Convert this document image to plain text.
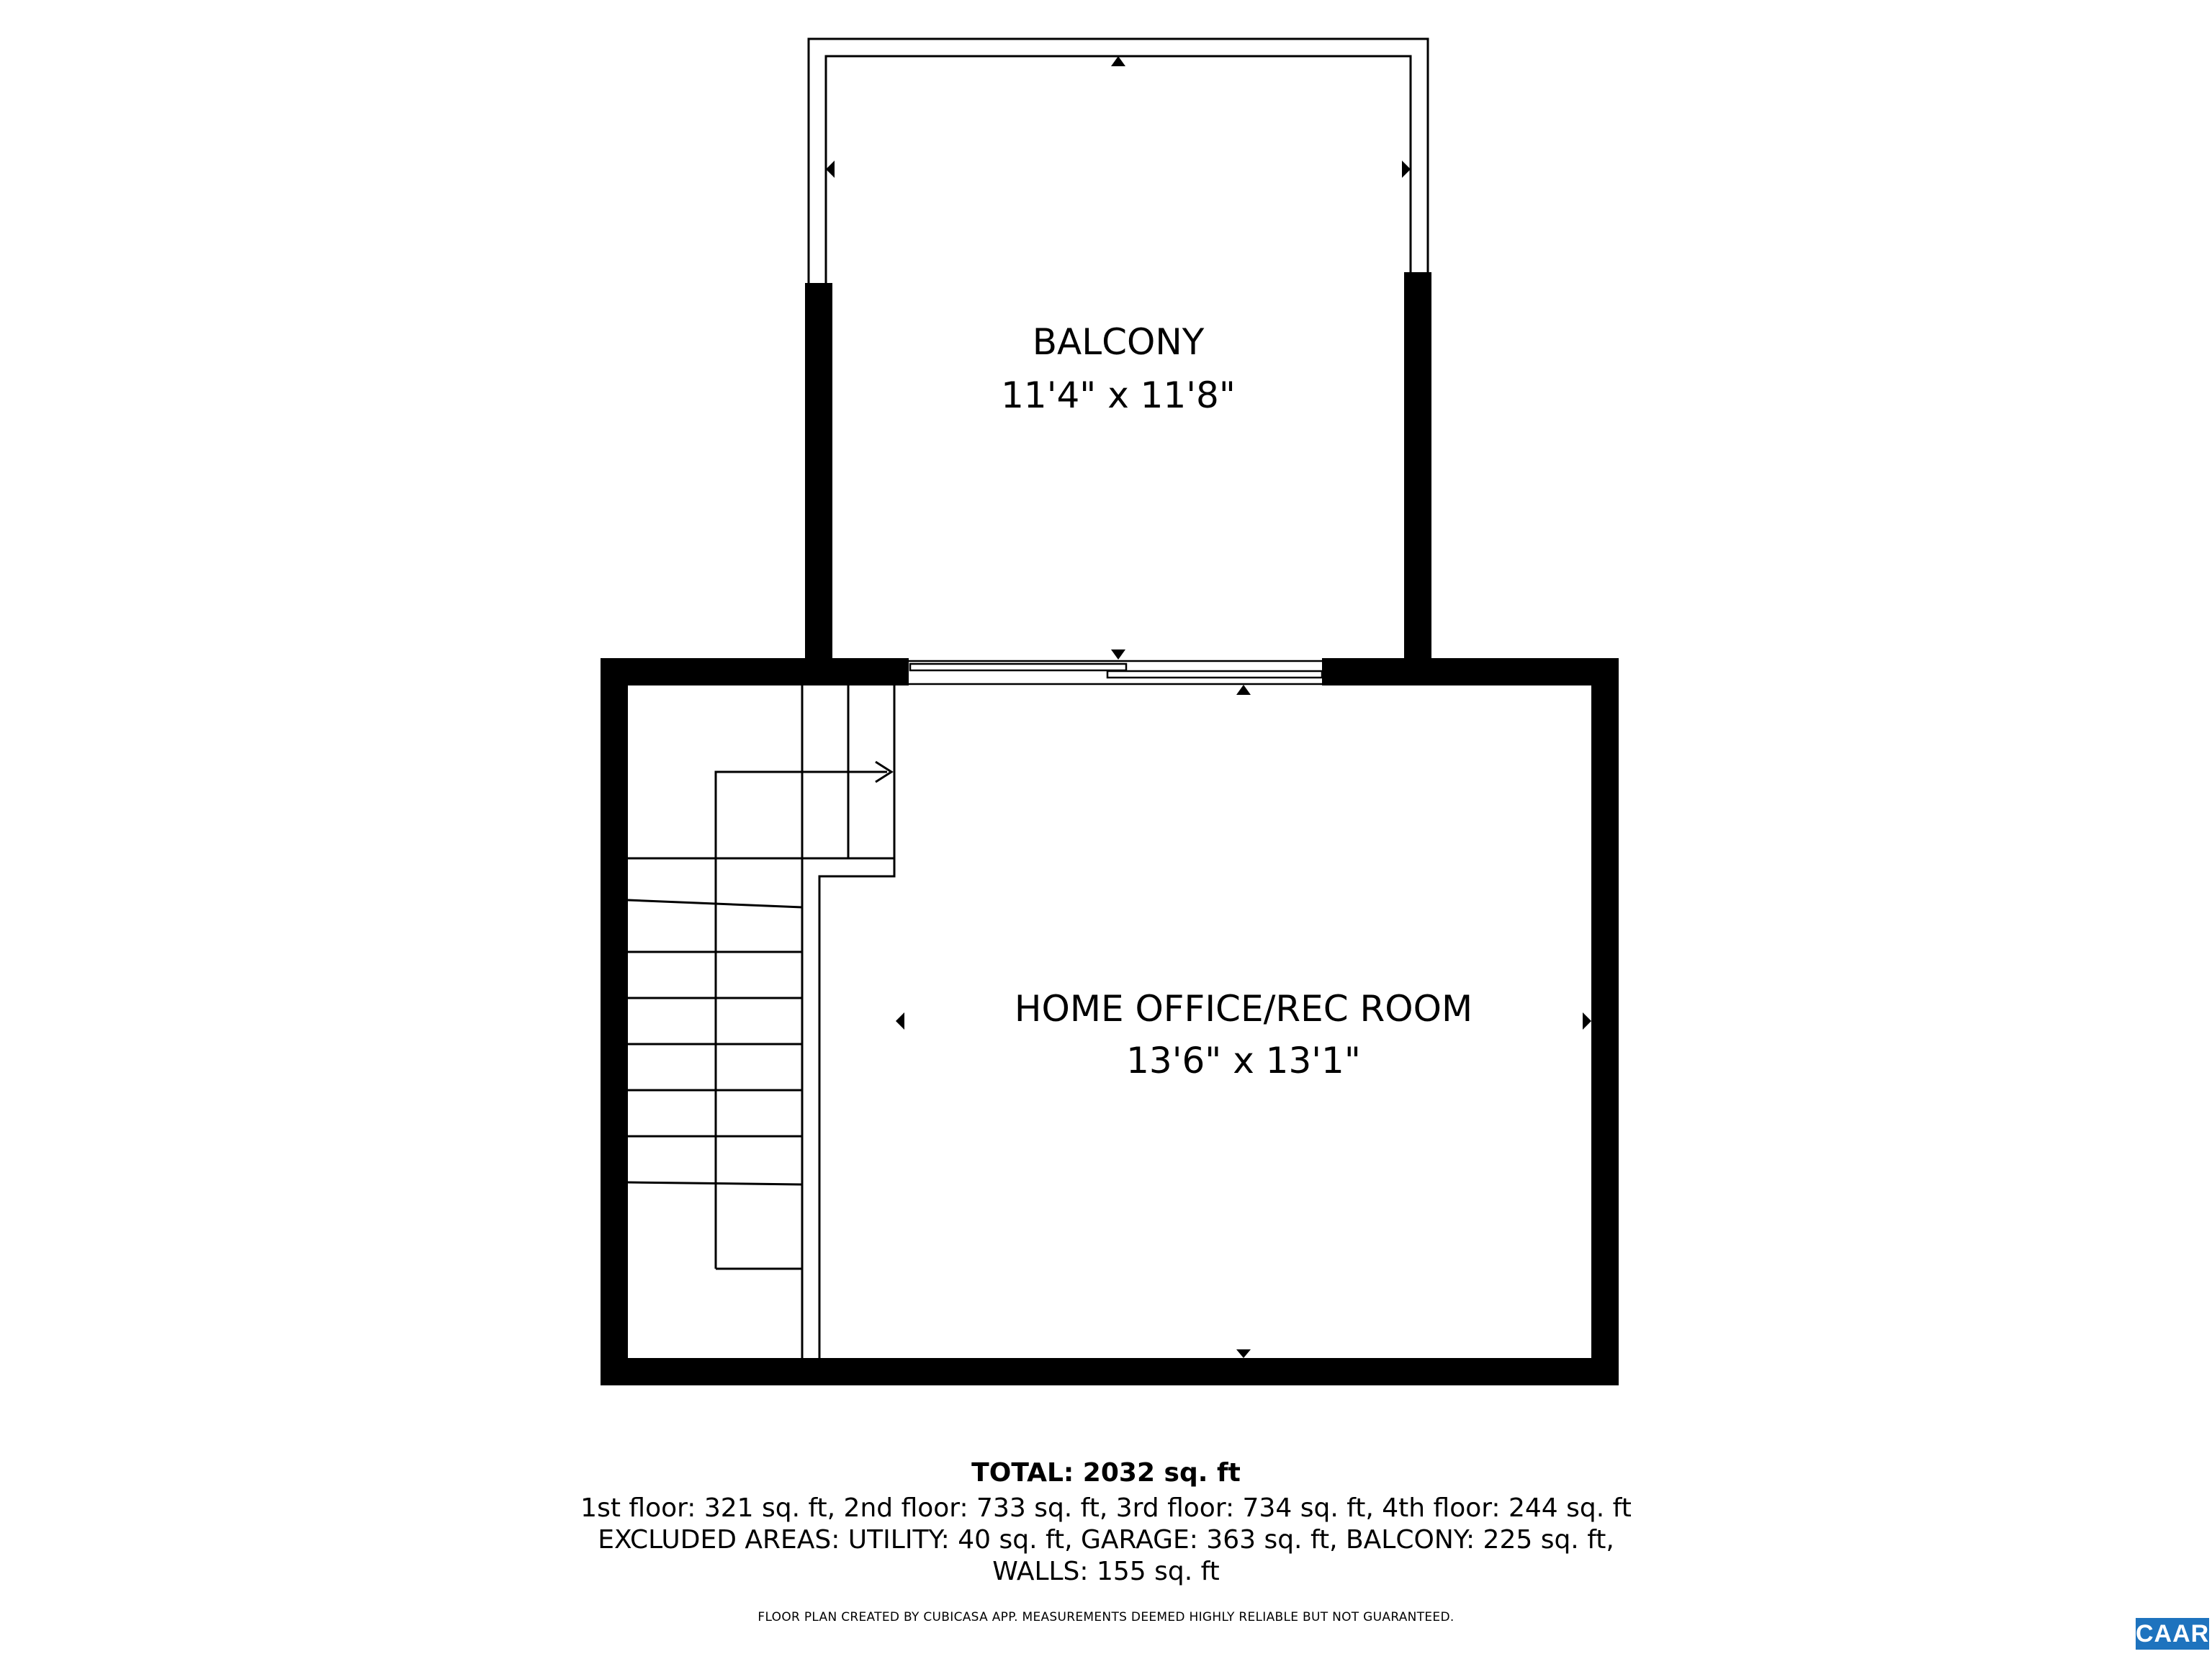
BALCONY
11'4" x 11'8"
HOME OFFICE/REC ROOM
13'6" x 13'1"
TOTAL: 2032 sq. ft
1st floor: 321 sq. ft, 2nd floor: 733 sq. ft, 3rd floor: 734 sq. ft, 4th floor: 244 sq. ft
EXCLUDED AREAS: UTILITY: 40 sq. ft, GARAGE: 363 sq. ft, BALCONY: 225 sq. ft,
WALLS: 155 sq. ft
FLOOR PLAN CREATED BY CUBICASA APP. MEASUREMENTS DEEMED HIGHLY RELIABLE BUT NOT GUARANTEED.
CAAR
